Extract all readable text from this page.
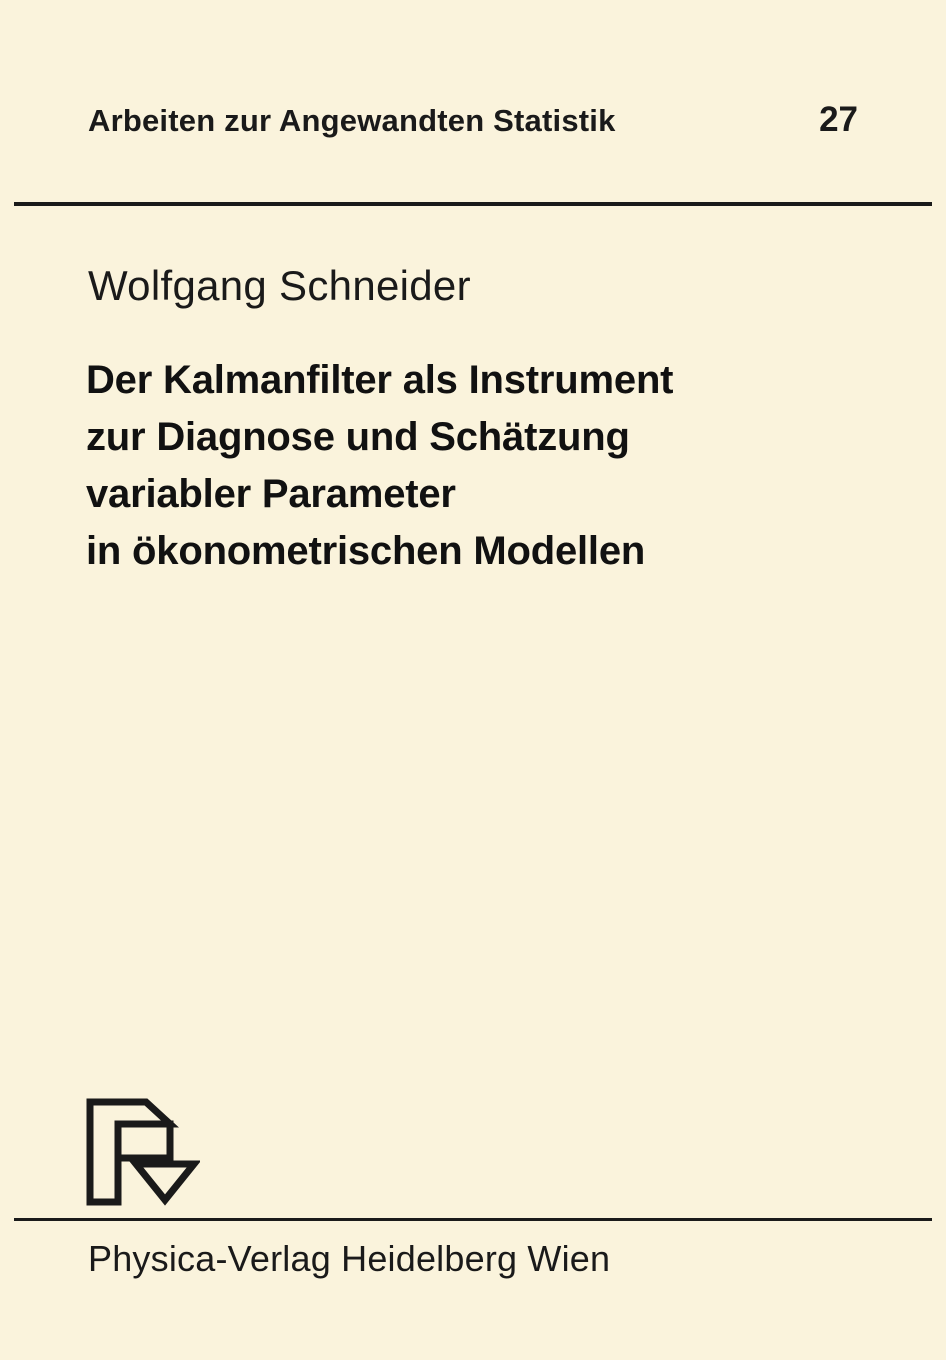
Arbeiten zur Angewandten Statistik	27
Wolfgang Schneider
Der Kalmanfilter als Instrument
zur Diagnose und Schätzung
variabler Parameter
in ökonometrischen Modellen
Physica-Verlag Heidelberg Wien
